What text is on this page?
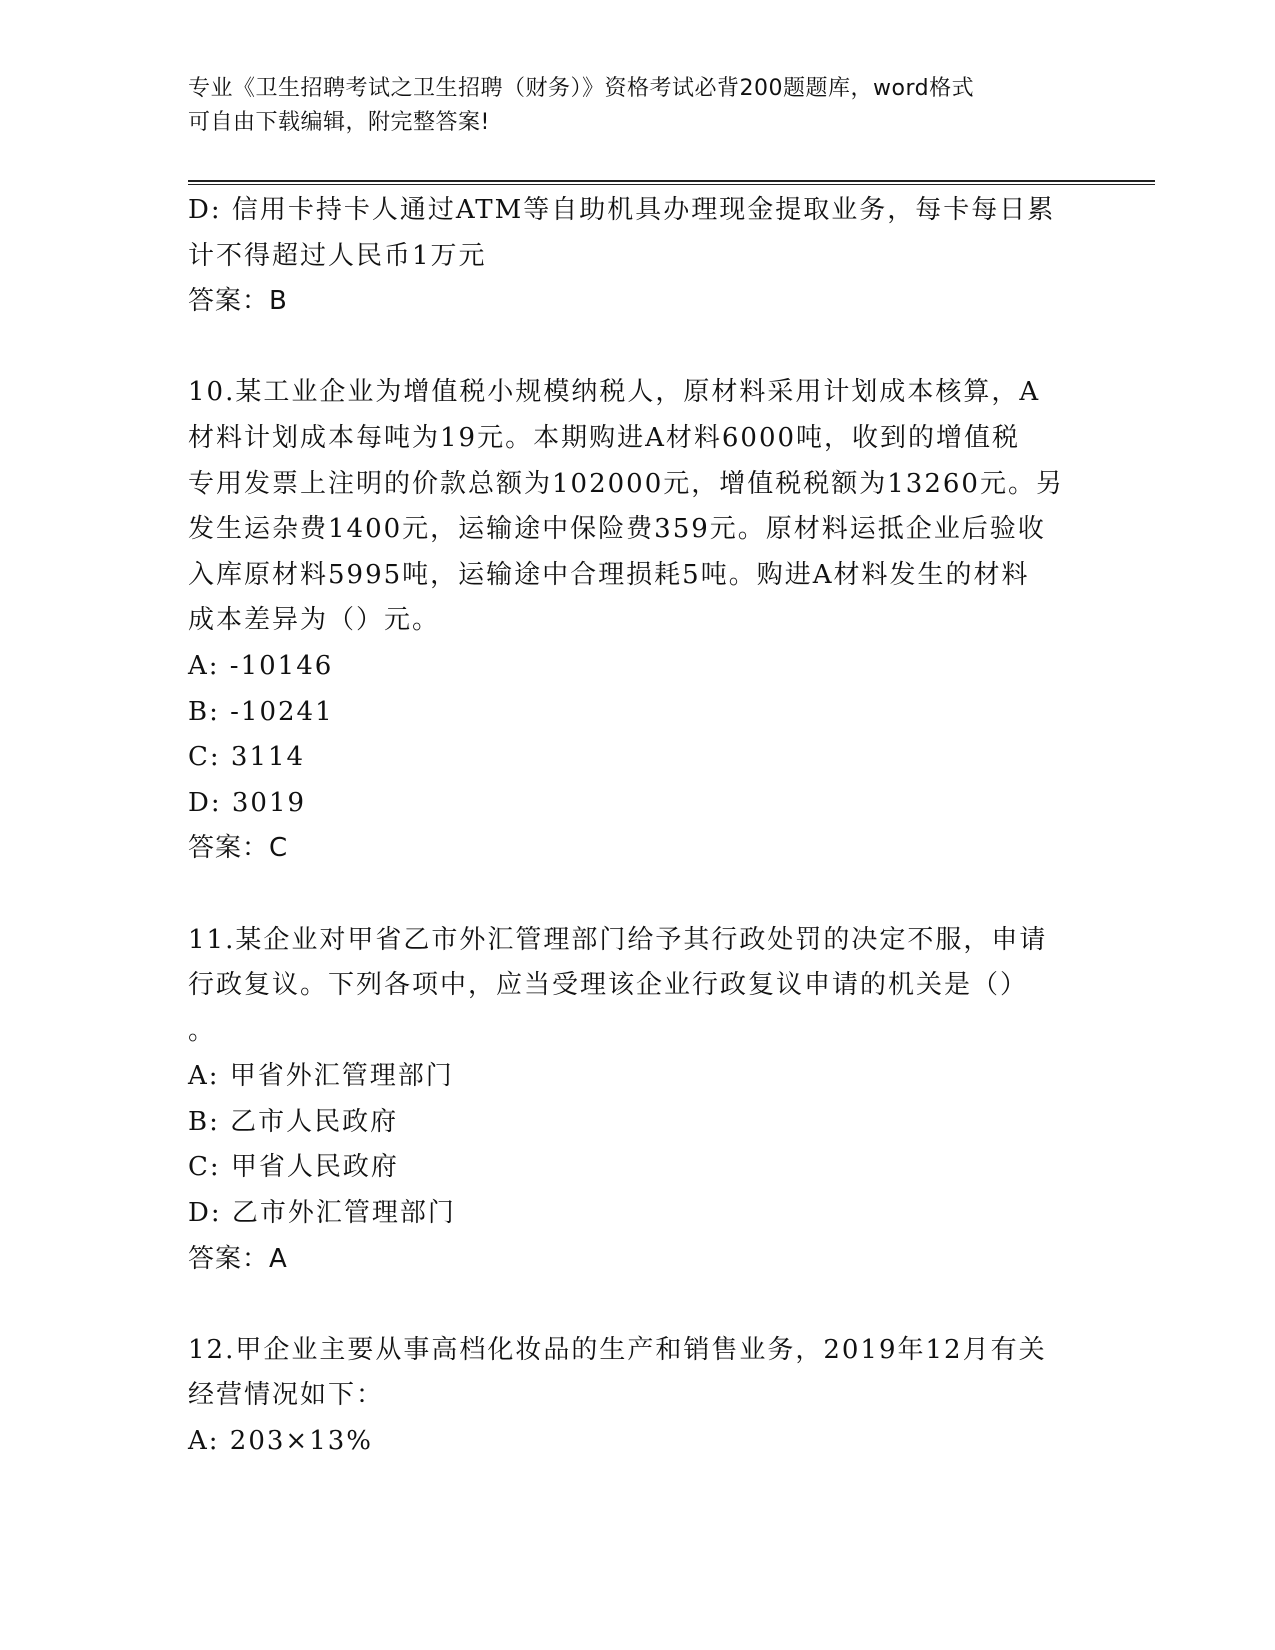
专业《卫生招聘考试之卫生招聘（财务）》资格考试必背200题题库，word格式
可自由下载编辑，附完整答案!
D: 信用卡持卡人通过ATM等自助机具办理现金提取业务，每卡每日累
计不得超过人民币1万元
答案：B
10.某工业企业为增值税小规模纳税人，原材料采用计划成本核算，A
材料计划成本每吨为19元。本期购进A材料6000吨，收到的增值税
专用发票上注明的价款总额为102000元，增值税税额为13260元。另
发生运杂费1400元，运输途中保险费359元。原材料运抵企业后验收
入库原材料5995吨，运输途中合理损耗5吨。购进A材料发生的材料
成本差异为（）元。
A: -10146
B: -10241
C: 3114
D: 3019
答案：C
11.某企业对甲省乙市外汇管理部门给予其行政处罚的决定不服，申请
行政复议。下列各项中，应当受理该企业行政复议申请的机关是（）
。
A: 甲省外汇管理部门
B: 乙市人民政府
C: 甲省人民政府
D: 乙市外汇管理部门
答案：A
12.甲企业主要从事高档化妆品的生产和销售业务，2019年12月有关
经营情况如下：
A: 203×13%
